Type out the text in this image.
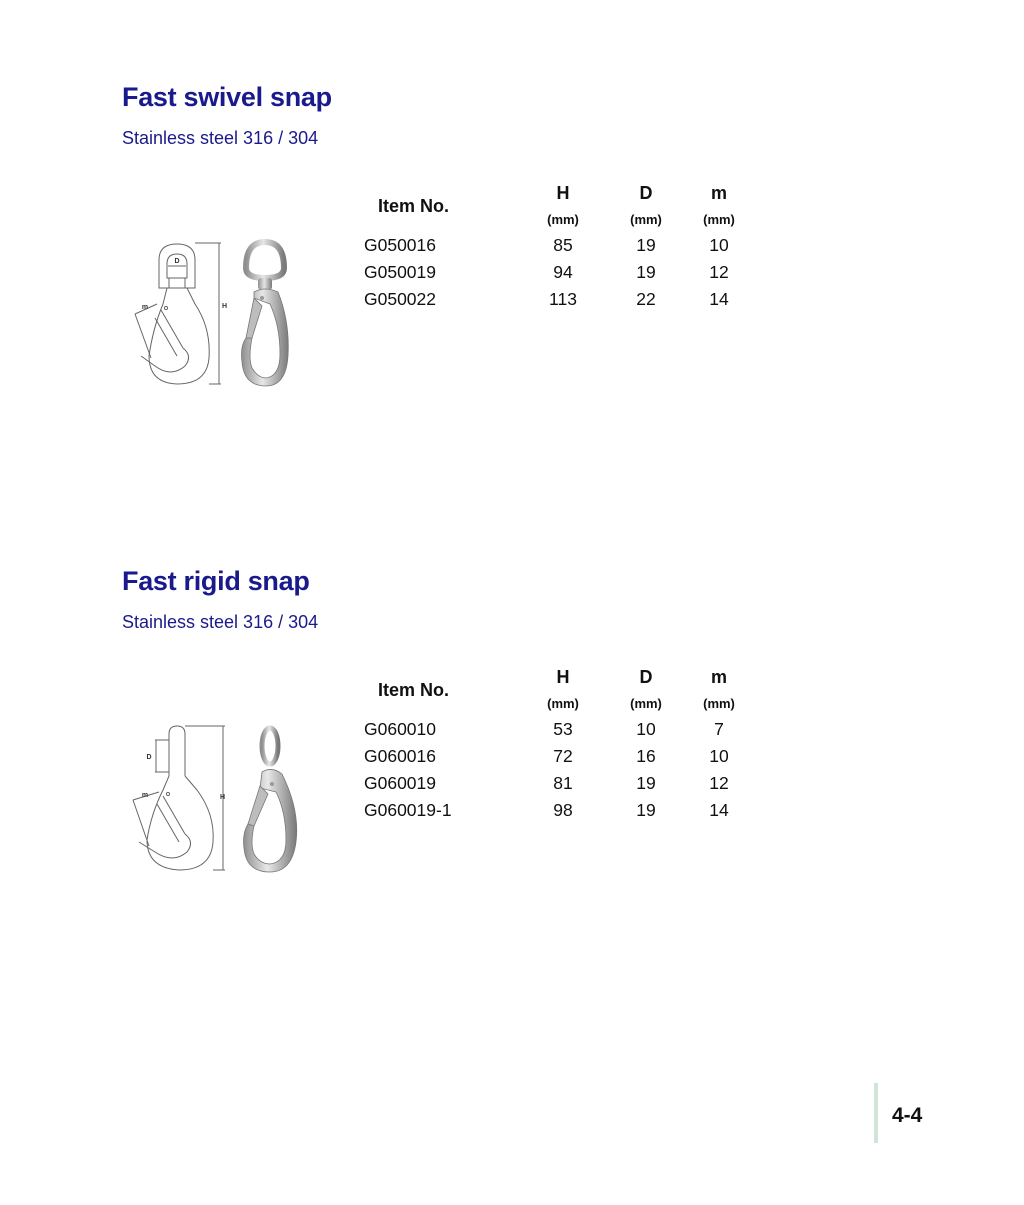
Fast swivel snap

Stainless steel 316 / 304

D
m	H
Item No.	H	D	m
	(mm)	(mm)	(mm)
G050016	85	19	10
G050019	94	19	12
G050022	113	22	14
Fast rigid snap

Stainless steel 316 / 304

D
m	H
Item No.	H	D	m
	(mm)	(mm)	(mm)
G060010	53	10	7
G060016	72	16	10
G060019	81	19	12
G060019-1	98	19	14
4-4
